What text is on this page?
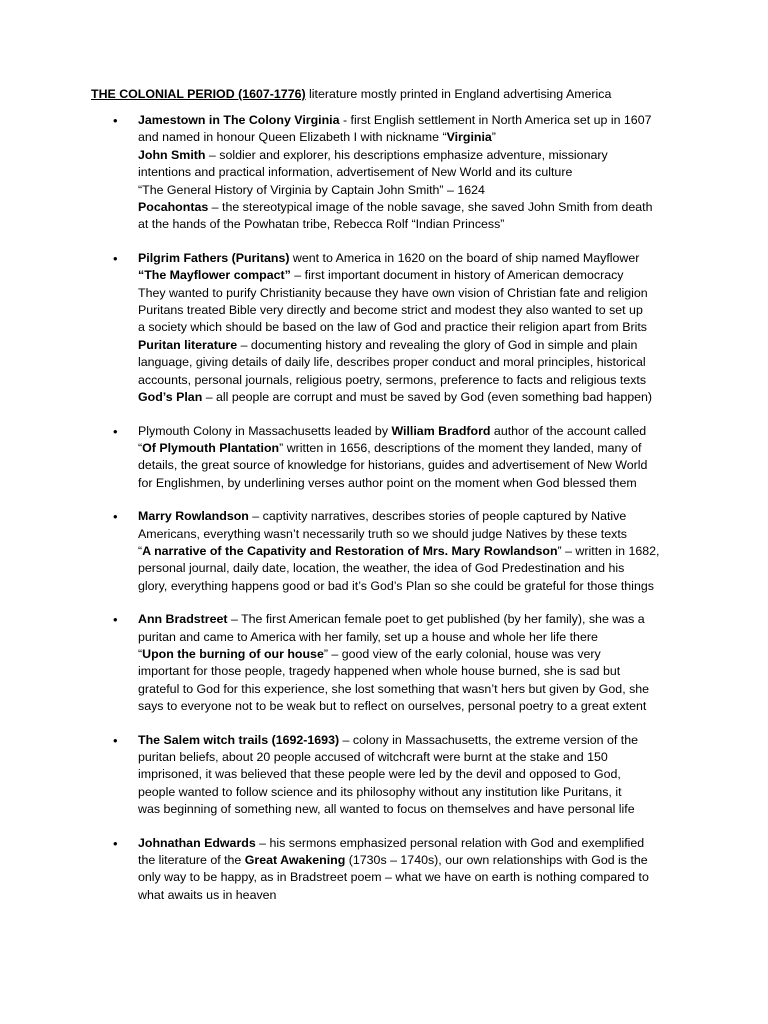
THE COLONIAL PERIOD (1607-1776) literature mostly printed in England advertising America
• Jamestown in The Colony Virginia - first English settlement in North America set up in 1607
and named in honour Queen Elizabeth I with nickname “Virginia”
John Smith – soldier and explorer, his descriptions emphasize adventure, missionary
intentions and practical information, advertisement of New World and its culture
“The General History of Virginia by Captain John Smith” – 1624
Pocahontas – the stereotypical image of the noble savage, she saved John Smith from death
at the hands of the Powhatan tribe, Rebecca Rolf “Indian Princess”
• Pilgrim Fathers (Puritans) went to America in 1620 on the board of ship named Mayflower
“The Mayflower compact” – first important document in history of American democracy
They wanted to purify Christianity because they have own vision of Christian fate and religion
Puritans treated Bible very directly and become strict and modest they also wanted to set up
a society which should be based on the law of God and practice their religion apart from Brits
Puritan literature – documenting history and revealing the glory of God in simple and plain
language, giving details of daily life, describes proper conduct and moral principles, historical
accounts, personal journals, religious poetry, sermons, preference to facts and religious texts
God’s Plan – all people are corrupt and must be saved by God (even something bad happen)
• Plymouth Colony in Massachusetts leaded by William Bradford author of the account called
“Of Plymouth Plantation” written in 1656, descriptions of the moment they landed, many of
details, the great source of knowledge for historians, guides and advertisement of New World
for Englishmen, by underlining verses author point on the moment when God blessed them
• Marry Rowlandson – captivity narratives, describes stories of people captured by Native
Americans, everything wasn’t necessarily truth so we should judge Natives by these texts
“A narrative of the Capativity and Restoration of Mrs. Mary Rowlandson” – written in 1682,
personal journal, daily date, location, the weather, the idea of God Predestination and his
glory, everything happens good or bad it’s God’s Plan so she could be grateful for those things
• Ann Bradstreet – The first American female poet to get published (by her family), she was a
puritan and came to America with her family, set up a house and whole her life there
“Upon the burning of our house” – good view of the early colonial, house was very
important for those people, tragedy happened when whole house burned, she is sad but
grateful to God for this experience, she lost something that wasn’t hers but given by God, she
says to everyone not to be weak but to reflect on ourselves, personal poetry to a great extent
• The Salem witch trails (1692-1693) – colony in Massachusetts, the extreme version of the
puritan beliefs, about 20 people accused of witchcraft were burnt at the stake and 150
imprisoned, it was believed that these people were led by the devil and opposed to God,
people wanted to follow science and its philosophy without any institution like Puritans, it
was beginning of something new, all wanted to focus on themselves and have personal life
• Johnathan Edwards – his sermons emphasized personal relation with God and exemplified
the literature of the Great Awakening (1730s – 1740s), our own relationships with God is the
only way to be happy, as in Bradstreet poem – what we have on earth is nothing compared to
what awaits us in heaven
